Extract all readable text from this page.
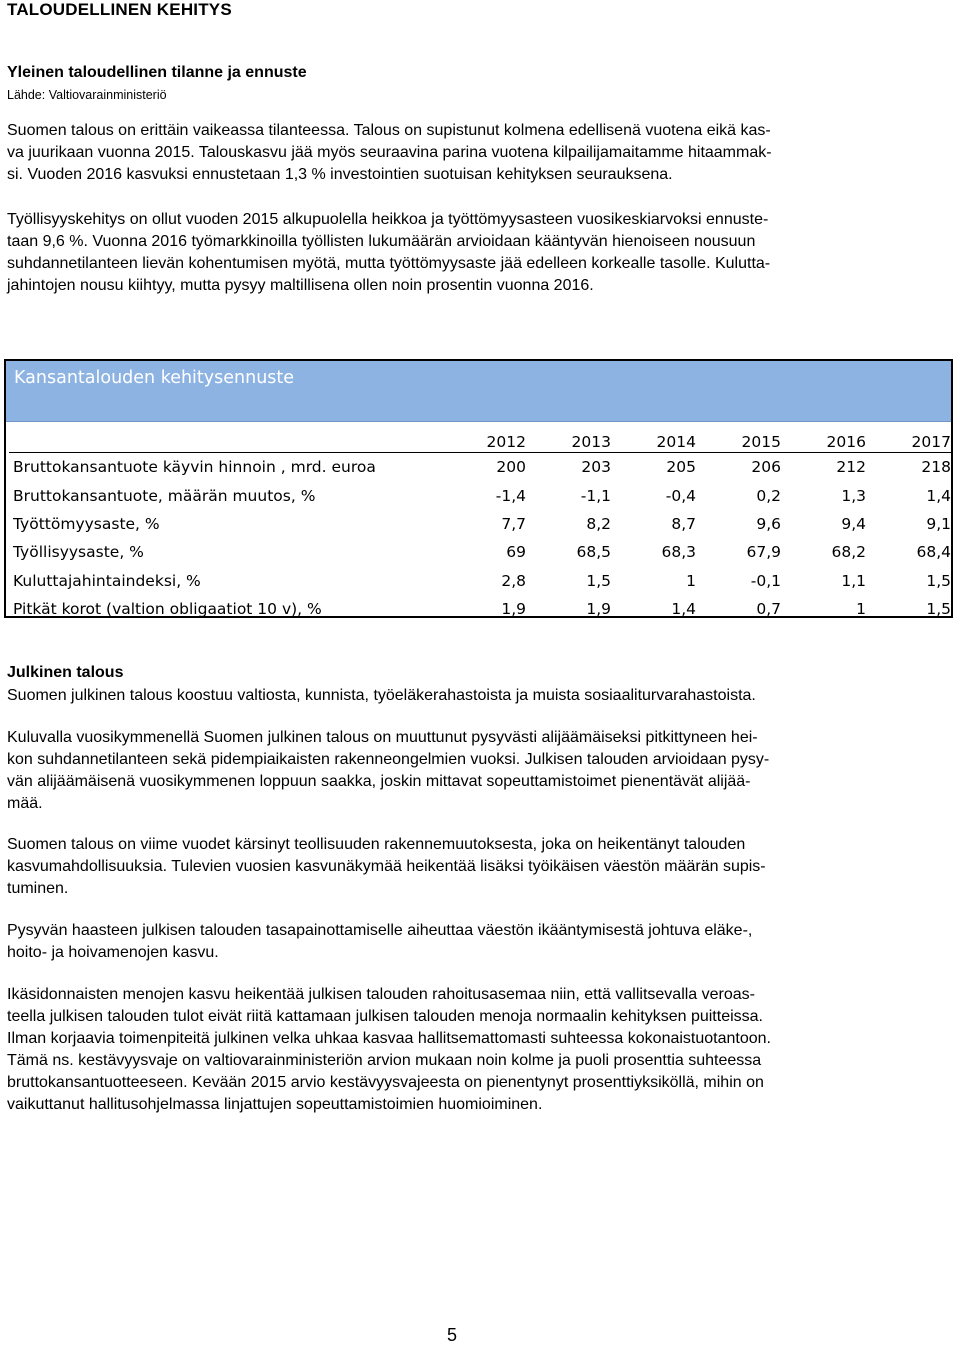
TALOUDELLINEN KEHITYS
Yleinen taloudellinen tilanne ja ennuste
Lähde: Valtiovarainministeriö

Suomen talous on erittäin vaikeassa tilanteessa. Talous on supistunut kolmena edellisenä vuotena eikä kas-
va juurikaan vuonna 2015. Talouskasvu jää myös seuraavina parina vuotena kilpailijamaitamme hitaammak-
si. Vuoden 2016 kasvuksi ennustetaan 1,3 % investointien suotuisan kehityksen seurauksena.

Työllisyyskehitys on ollut vuoden 2015 alkupuolella heikkoa ja työttömyysasteen vuosikeskiarvoksi ennuste-
taan 9,6 %. Vuonna 2016 työmarkkinoilla työllisten lukumäärän arvioidaan kääntyvän hienoiseen nousuun
suhdannetilanteen lievän kohentumisen myötä, mutta työttömyysaste jää edelleen korkealle tasolle. Kulutta-
jahintojen nousu kiihtyy, mutta pysyy maltillisena ollen noin prosentin vuonna 2016.

Kansantalouden kehitysennuste
	2012	2013	2014	2015	2016	2017
Bruttokansantuote käyvin hinnoin , mrd. euroa	200	203	205	206	212	218
Bruttokansantuote, määrän muutos, %	-1,4	-1,1	-0,4	0,2	1,3	1,4
Työttömyysaste, %	7,7	8,2	8,7	9,6	9,4	9,1
Työllisyysaste, %	69	68,5	68,3	67,9	68,2	68,4
Kuluttajahintaindeksi, %	2,8	1,5	1	-0,1	1,1	1,5
Pitkät korot (valtion obligaatiot 10 v), %	1,9	1,9	1,4	0,7	1	1,5
Julkinen talous

Suomen julkinen talous koostuu valtiosta, kunnista, työeläkerahastoista ja muista sosiaaliturvarahastoista.

Kuluvalla vuosikymmenellä Suomen julkinen talous on muuttunut pysyvästi alijäämäiseksi pitkittyneen hei-
kon suhdannetilanteen sekä pidempiaikaisten rakenneongelmien vuoksi. Julkisen talouden arvioidaan pysy-
vän alijäämäisenä vuosikymmenen loppuun saakka, joskin mittavat sopeuttamistoimet pienentävät alijää-
mää.

Suomen talous on viime vuodet kärsinyt teollisuuden rakennemuutoksesta, joka on heikentänyt talouden
kasvumahdollisuuksia. Tulevien vuosien kasvunäkymää heikentää lisäksi työikäisen väestön määrän supis-
tuminen.

Pysyvän haasteen julkisen talouden tasapainottamiselle aiheuttaa väestön ikääntymisestä johtuva eläke-,
hoito- ja hoivamenojen kasvu.

Ikäsidonnaisten menojen kasvu heikentää julkisen talouden rahoitusasemaa niin, että vallitsevalla veroas-
teella julkisen talouden tulot eivät riitä kattamaan julkisen talouden menoja normaalin kehityksen puitteissa.
Ilman korjaavia toimenpiteitä julkinen velka uhkaa kasvaa hallitsemattomasti suhteessa kokonaistuotantoon.
Tämä ns. kestävyysvaje on valtiovarainministeriön arvion mukaan noin kolme ja puoli prosenttia suhteessa
bruttokansantuotteeseen. Kevään 2015 arvio kestävyysvajeesta on pienentynyt prosenttiyksiköllä, mihin on
vaikuttanut hallitusohjelmassa linjattujen sopeuttamistoimien huomioiminen.

5
